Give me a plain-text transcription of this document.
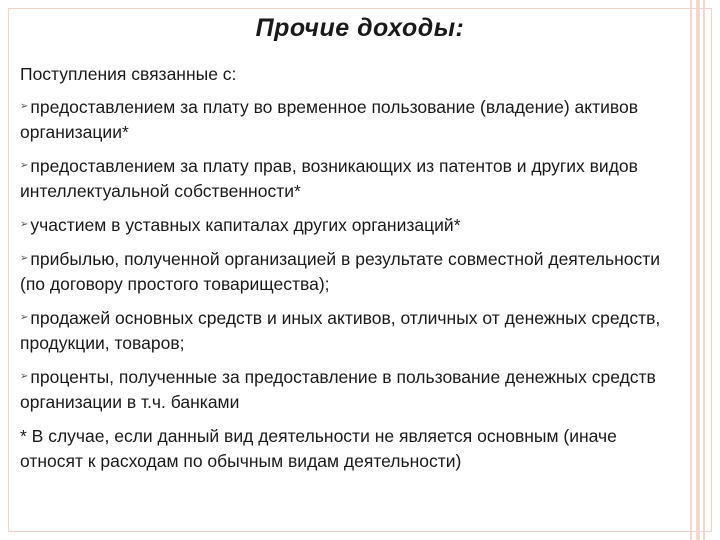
Прочие доходы:
Поступления связанные с:
➢ предоставлением за плату во временное пользование (владение) активов организации*
➢ предоставлением за плату прав, возникающих из патентов и других видов интеллектуальной собственности*
➢ участием в уставных капиталах других организаций*
➢ прибылью, полученной организацией в результате совместной деятельности (по договору простого товарищества);
➢ продажей основных средств и иных активов, отличных от денежных средств, продукции, товаров;
➢ проценты, полученные за предоставление в пользование денежных средств организации в т.ч. банками
* В случае, если данный вид деятельности не является основным (иначе относят к расходам по обычным видам деятельности)
